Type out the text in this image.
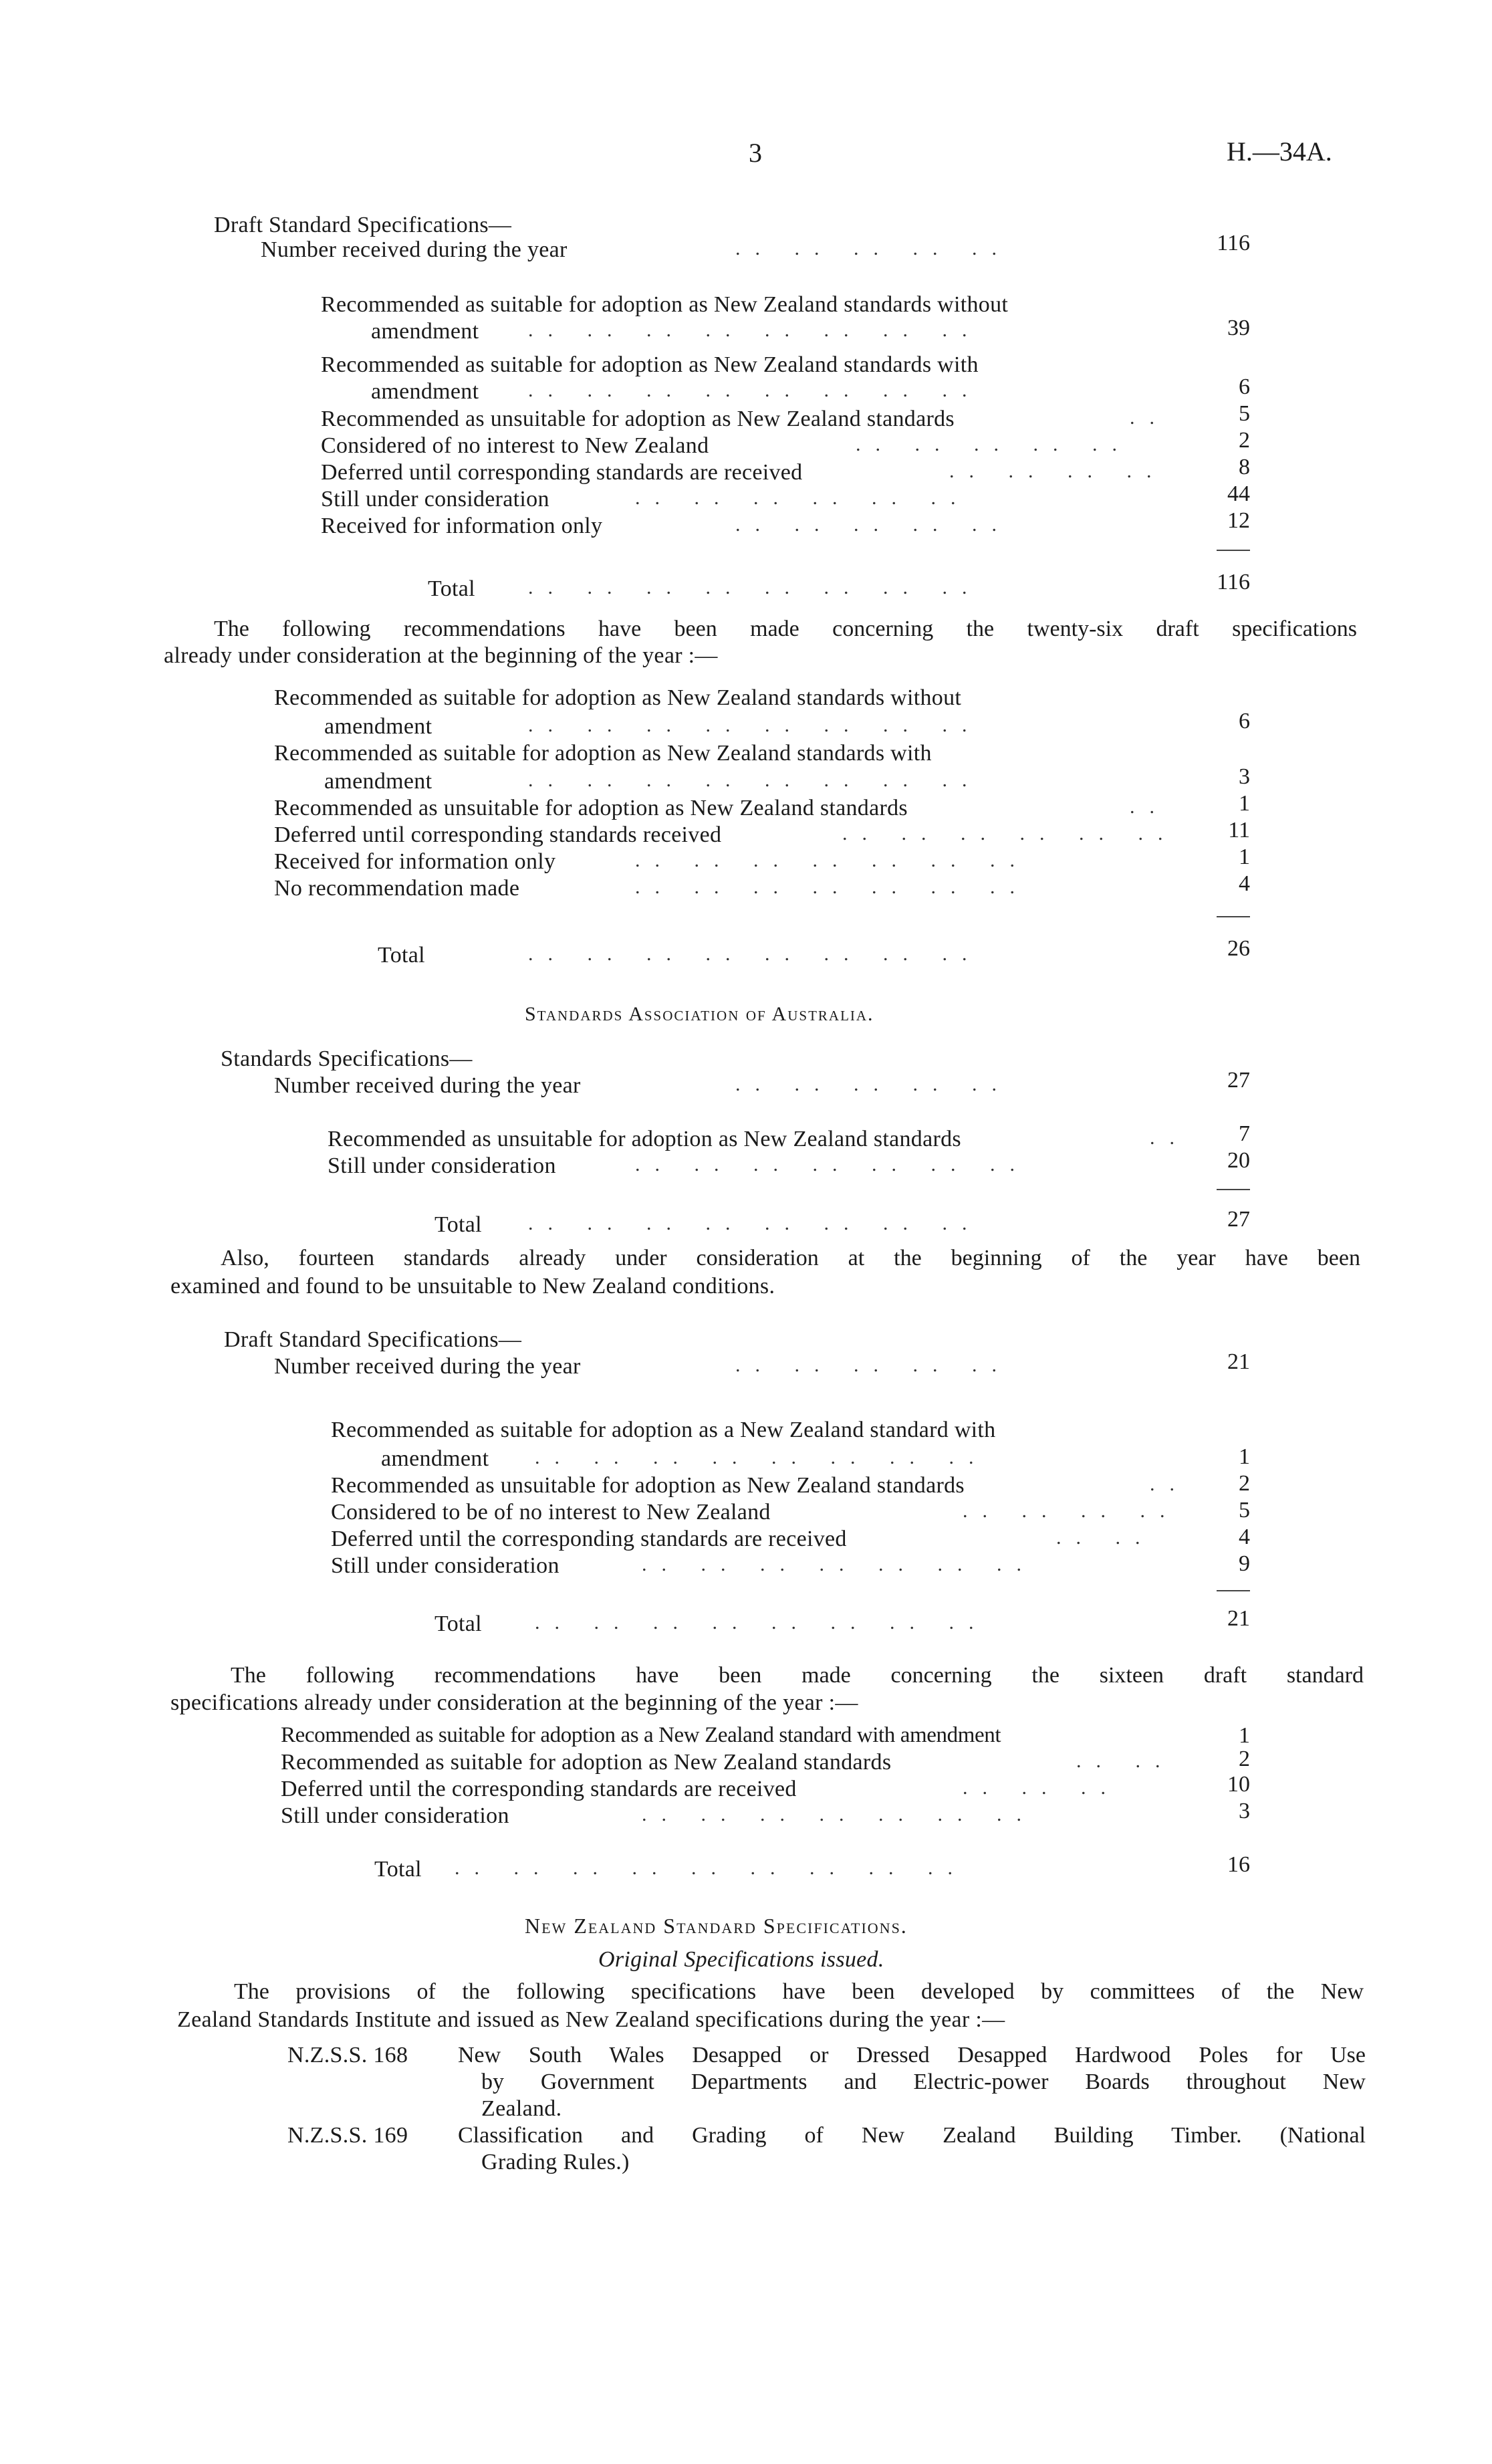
3	H.—34A.
Draft Standard Specifications—
Number received during the year	.. .. .. .. ..	116
Recommended as suitable for adoption as New Zealand standards without
amendment .. .. .. .. .. .. .. ..	39
Recommended as suitable for adoption as New Zealand standards with
amendment .. .. .. .. .. .. .. ..	6
Recommended as unsuitable for adoption as New Zealand standards	..	5
Considered of no interest to New Zealand	.. .. .. .. ..	2
Deferred until corresponding standards are received	.. .. .. ..	8
Still under consideration	.. .. .. .. .. ..	44
Received for information only	.. .. .. .. ..	12
Total	.. .. .. .. .. .. .. ..	116
The following recommendations have been made concerning the twenty-six draft specifications
already under consideration at the beginning of the year :—
Recommended as suitable for adoption as New Zealand standards without
amendment	.. .. .. .. .. .. .. ..	6
Recommended as suitable for adoption as New Zealand standards with
amendment	.. .. .. .. .. .. .. ..	3
Recommended as unsuitable for adoption as New Zealand standards	..	1
Deferred until corresponding standards received	.. .. .. .. .. ..	11
Received for information only	.. .. .. .. .. .. ..	1
No recommendation made	.. .. .. .. .. .. ..	4
Total	.. .. .. .. .. .. .. ..	26
Standards Association of Australia.
Standards Specifications—
Number received during the year	.. .. .. .. ..	27
Recommended as unsuitable for adoption as New Zealand standards	..	7
Still under consideration	.. .. .. .. .. .. ..	20
Total .. .. .. .. .. .. .. ..	27
Also, fourteen standards already under consideration at the beginning of the year have been
examined and found to be unsuitable to New Zealand conditions.
Draft Standard Specifications—
Number received during the year	.. .. .. .. ..	21
Recommended as suitable for adoption as a New Zealand standard with
amendment .. .. .. .. .. .. .. ..	1
Recommended as unsuitable for adoption as New Zealand standards	..	2
Considered to be of no interest to New Zealand	.. .. .. ..	5
Deferred until the corresponding standards are received	.. ..	4
Still under consideration	.. .. .. .. .. .. ..	9
Total	.. .. .. .. .. .. .. ..	21
The following recommendations have been made concerning the sixteen draft standard
specifications already under consideration at the beginning of the year :—
Recommended as suitable for adoption as a New Zealand standard with amendment	1
Recommended as suitable for adoption as New Zealand standards	.. ..	2
Deferred until the corresponding standards are received	.. .. ..	10
Still under consideration	.. .. .. .. .. .. ..	3
Total .. .. .. .. .. .. .. .. ..	16
New Zealand Standard Specifications.
Original Specifications issued.
The provisions of the following specifications have been developed by committees of the New
Zealand Standards Institute and issued as New Zealand specifications during the year :—
N.Z.S.S. 168 New South Wales Desapped or Dressed Desapped Hardwood Poles for Use
by Government Departments and Electric-power Boards throughout New
Zealand.
N.Z.S.S. 169 Classification and Grading of New Zealand Building Timber. (National
Grading Rules.)
